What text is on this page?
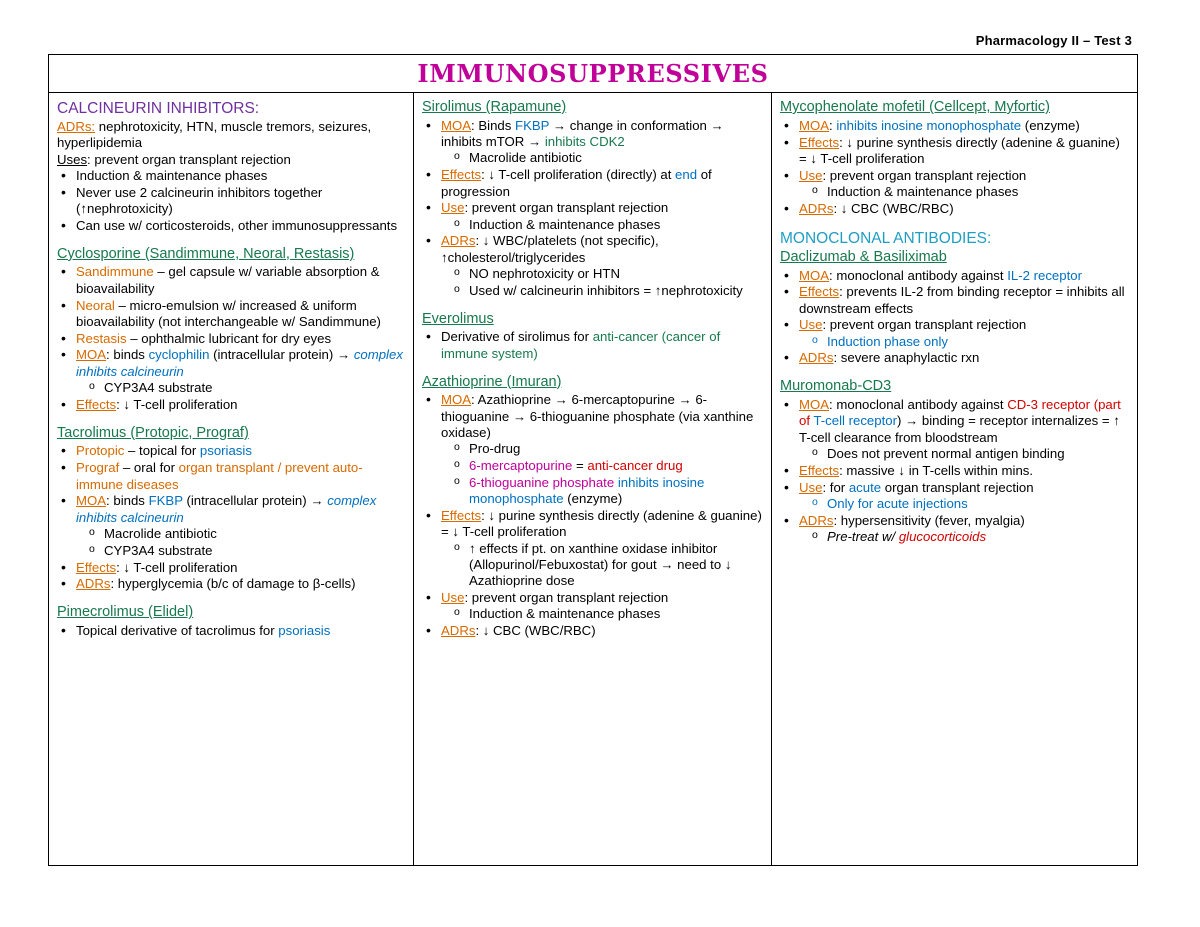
Pharmacology II – Test 3
IMMUNOSUPPRESSIVES
CALCINEURIN INHIBITORS:
ADRs: nephrotoxicity, HTN, muscle tremors, seizures, hyperlipidemia
Uses: prevent organ transplant rejection
• Induction & maintenance phases
• Never use 2 calcineurin inhibitors together (↑nephrotoxicity)
• Can use w/ corticosteroids, other immunosuppressants
Cyclosporine (Sandimmune, Neoral, Restasis)
• Sandimmune – gel capsule w/ variable absorption & bioavailability
• Neoral – micro-emulsion w/ increased & uniform bioavailability (not interchangeable w/ Sandimmune)
• Restasis – ophthalmic lubricant for dry eyes
• MOA: binds cyclophilin (intracellular protein) → complex inhibits calcineurin
o CYP3A4 substrate
• Effects: ↓ T-cell proliferation
Tacrolimus (Protopic, Prograf)
• Protopic – topical for psoriasis
• Prograf – oral for organ transplant / prevent auto-immune diseases
• MOA: binds FKBP (intracellular protein) → complex inhibits calcineurin
o Macrolide antibiotic
o CYP3A4 substrate
• Effects: ↓ T-cell proliferation
• ADRs: hyperglycemia (b/c of damage to β-cells)
Pimecrolimus (Elidel)
• Topical derivative of tacrolimus for psoriasis
Sirolimus (Rapamune)
• MOA: Binds FKBP → change in conformation → inhibits mTOR → inhibits CDK2
o Macrolide antibiotic
• Effects: ↓ T-cell proliferation (directly) at end of progression
• Use: prevent organ transplant rejection
o Induction & maintenance phases
• ADRs: ↓ WBC/platelets (not specific), ↑cholesterol/triglycerides
o NO nephrotoxicity or HTN
o Used w/ calcineurin inhibitors = ↑nephrotoxicity
Everolimus
• Derivative of sirolimus for anti-cancer (cancer of immune system)
Azathioprine (Imuran)
• MOA: Azathioprine → 6-mercaptopurine → 6-thioguanine → 6-thioguanine phosphate (via xanthine oxidase)
o Pro-drug
o 6-mercaptopurine = anti-cancer drug
o 6-thioguanine phosphate inhibits inosine monophosphate (enzyme)
• Effects: ↓ purine synthesis directly (adenine & guanine) = ↓ T-cell proliferation
o ↑ effects if pt. on xanthine oxidase inhibitor (Allopurinol/Febuxostat) for gout → need to ↓ Azathioprine dose
• Use: prevent organ transplant rejection
o Induction & maintenance phases
• ADRs: ↓ CBC (WBC/RBC)
Mycophenolate mofetil (Cellcept, Myfortic)
• MOA: inhibits inosine monophosphate (enzyme)
• Effects: ↓ purine synthesis directly (adenine & guanine) = ↓ T-cell proliferation
• Use: prevent organ transplant rejection
o Induction & maintenance phases
• ADRs: ↓ CBC (WBC/RBC)
MONOCLONAL ANTIBODIES:
Daclizumab & Basiliximab
• MOA: monoclonal antibody against IL-2 receptor
• Effects: prevents IL-2 from binding receptor = inhibits all downstream effects
• Use: prevent organ transplant rejection
o Induction phase only
• ADRs: severe anaphylactic rxn
Muromonab-CD3
• MOA: monoclonal antibody against CD-3 receptor (part of T-cell receptor) → binding = receptor internalizes = ↑ T-cell clearance from bloodstream
o Does not prevent normal antigen binding
• Effects: massive ↓ in T-cells within mins.
• Use: for acute organ transplant rejection
o Only for acute injections
• ADRs: hypersensitivity (fever, myalgia)
o Pre-treat w/ glucocorticoids
